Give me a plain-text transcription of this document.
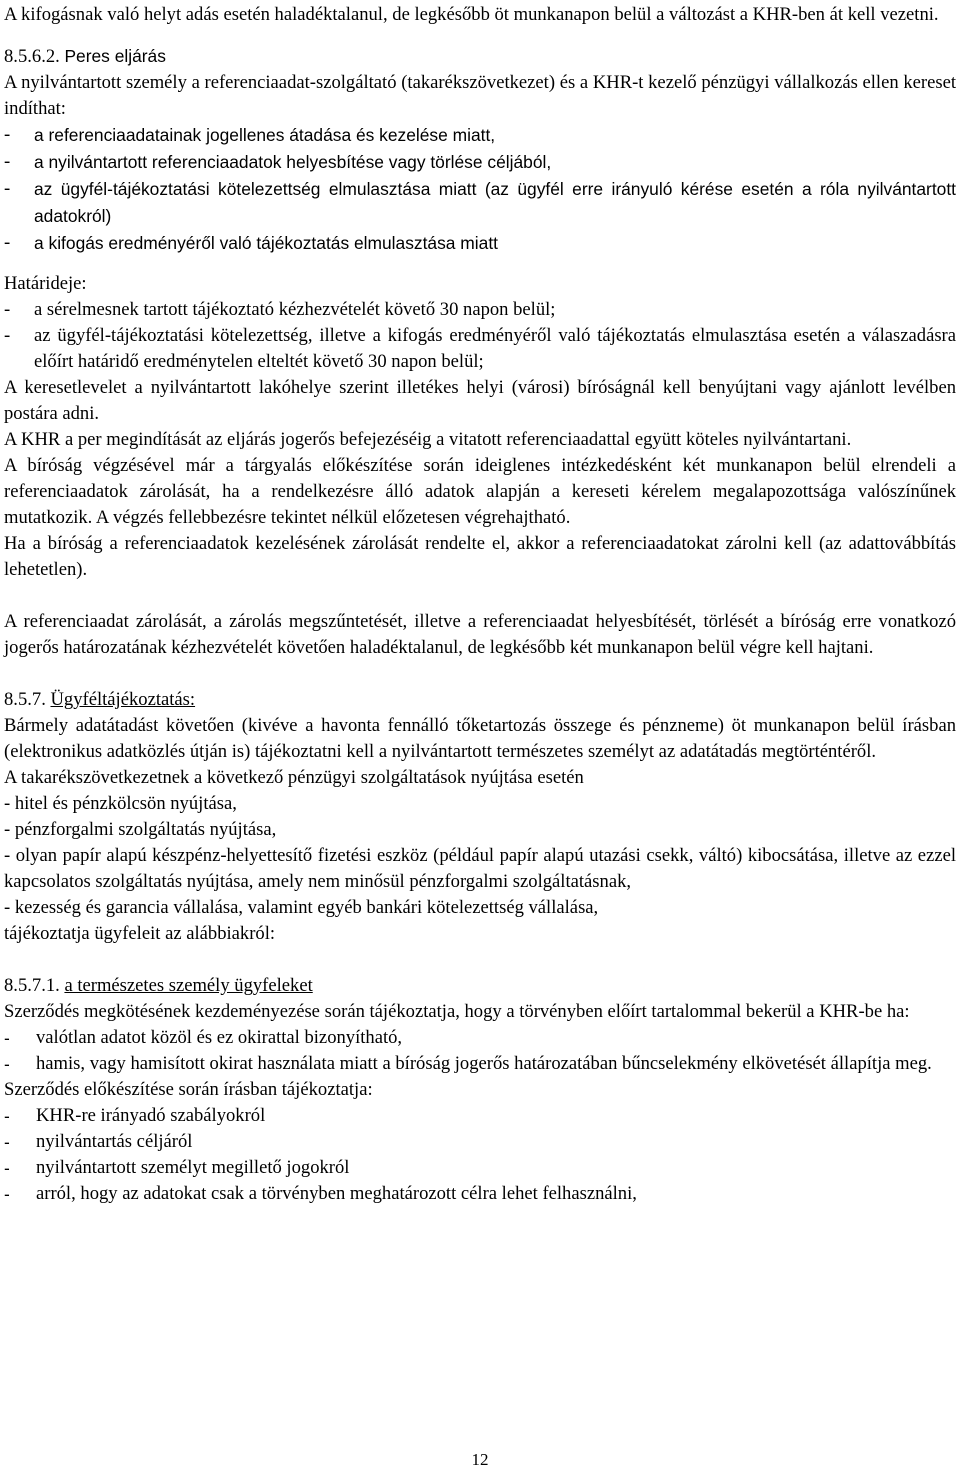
A kifogásnak való helyt adás esetén haladéktalanul, de legkésőbb öt munkanapon belül a változást a KHR-ben át kell vezetni.

8.5.6.2. Peres eljárás

A nyilvántartott személy a referenciaadat-szolgáltató (takarékszövetkezet) és a KHR-t kezelő pénzügyi vállalkozás ellen kereset indíthat:

- a referenciaadatainak jogellenes átadása és kezelése miatt,

- a nyilvántartott referenciaadatok helyesbítése vagy törlése céljából,

- az ügyfél-tájékoztatási kötelezettség elmulasztása miatt (az ügyfél erre irányuló kérése esetén a róla nyilvántartott adatokról)

- a kifogás eredményéről való tájékoztatás elmulasztása miatt

Határideje:

- a sérelmesnek tartott tájékoztató kézhezvételét követő 30 napon belül;

- az ügyfél-tájékoztatási kötelezettség, illetve a kifogás eredményéről való tájékoztatás elmulasztása esetén a válaszadásra előírt határidő eredménytelen elteltét követő 30 napon belül;

A keresetlevelet a nyilvántartott lakóhelye szerint illetékes helyi (városi) bíróságnál kell benyújtani vagy ajánlott levélben postára adni.

A KHR a per megindítását az eljárás jogerős befejezéséig a vitatott referenciaadattal együtt köteles nyilvántartani.

A bíróság végzésével már a tárgyalás előkészítése során ideiglenes intézkedésként két munkanapon belül elrendeli a referenciaadatok zárolását, ha a rendelkezésre álló adatok alapján a kereseti kérelem megalapozottsága valószínűnek mutatkozik. A végzés fellebbezésre tekintet nélkül előzetesen végrehajtható.

Ha a bíróság a referenciaadatok kezelésének zárolását rendelte el, akkor a referenciaadatokat zárolni kell (az adattovábbítás lehetetlen).

A referenciaadat zárolását, a zárolás megszűntetését, illetve a referenciaadat helyesbítését, törlését a bíróság erre vonatkozó jogerős határozatának kézhezvételét követően haladéktalanul, de legkésőbb két munkanapon belül végre kell hajtani.

8.5.7. Ügyféltájékoztatás:

Bármely adatátadást követően (kivéve a havonta fennálló tőketartozás összege és pénzneme) öt munkanapon belül írásban (elektronikus adatközlés útján is) tájékoztatni kell a nyilvántartott természetes személyt az adatátadás megtörténtéről.

A takarékszövetkezetnek a következő pénzügyi szolgáltatások nyújtása esetén

- hitel és pénzkölcsön nyújtása,

- pénzforgalmi szolgáltatás nyújtása,

- olyan papír alapú készpénz-helyettesítő fizetési eszköz (például papír alapú utazási csekk, váltó) kibocsátása, illetve az ezzel kapcsolatos szolgáltatás nyújtása, amely nem minősül pénzforgalmi szolgáltatásnak,

- kezesség és garancia vállalása, valamint egyéb bankári kötelezettség vállalása,

tájékoztatja ügyfeleit az alábbiakról:

8.5.7.1. a természetes személy ügyfeleket

Szerződés megkötésének kezdeményezése során tájékoztatja, hogy a törvényben előírt tartalommal bekerül a KHR-be ha:

- valótlan adatot közöl és ez okirattal bizonyítható,

- hamis, vagy hamisított okirat használata miatt a bíróság jogerős határozatában bűncselekmény elkövetését állapítja meg.

Szerződés előkészítése során írásban tájékoztatja:

- KHR-re irányadó szabályokról

- nyilvántartás céljáról

- nyilvántartott személyt megillető jogokról

- arról, hogy az adatokat csak a törvényben meghatározott célra lehet felhasználni,

12
